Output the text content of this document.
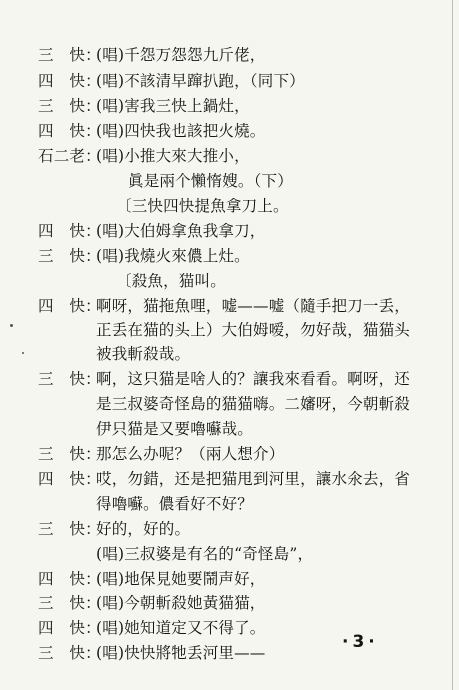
三　快：
(唱)千怨万怨怨九斤佬，
四　快：
(唱)不該清早蹿扒跑，（同下）
三　快：
(唱)害我三快上鍋灶，
四　快：
(唱)四快我也該把火燒。
石二老：
(唱)小推大來大推小，
眞是兩个懶惰嫂。（下）
〔三快四快提魚拿刀上。
四　快：
(唱)大伯姆拿魚我拿刀，
三　快：
(唱)我燒火來儂上灶。
〔殺魚，猫叫。
四　快：
啊呀，猫拖魚哩，嘘——嘘（隨手把刀一丢，
正丢在猫的头上）大伯姆嗳，勿好哉，猫猫头
被我斬殺哉。
三　快：
啊，这只猫是啥人的？讓我來看看。啊呀，还
是三叔婆奇怪島的猫猫嗨。二嬸呀，今朝斬殺
伊只猫是又要嚕囌哉。
三　快：
那怎么办呢？（兩人想介）
四　快：
哎，勿錯，还是把猫甩到河里，讓水氽去，省
得嚕囌。儂看好不好？
三　快：
好的，好的。
(唱)三叔婆是有名的“奇怪島”，
四　快：
(唱)地保見她要鬧声好，
三　快：
(唱)今朝斬殺她黃猫猫，
四　快：
(唱)她知道定又不得了。
三　快：
(唱)快快將牠丢河里——
·3·
